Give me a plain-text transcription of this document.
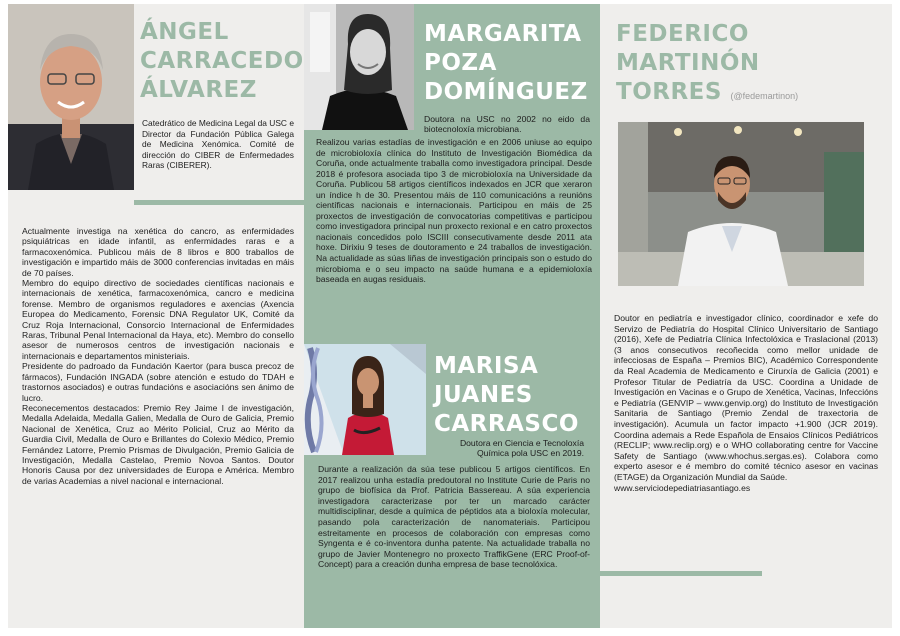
ÁNGEL
CARRACEDO
ÁLVAREZ
Catedrático de Medicina Legal da USC e Director da Fundación Pública Galega de Medicina Xenómica. Comité de dirección do CIBER de Enfermedades Raras (CIBERER).

Actualmente investiga na xenética do cancro, as enfermidades psiquiátricas en idade infantil, as enfermidades raras e a farmacoxenómica. Publicou máis de 8 libros e 800 traballos de investigación e impartido máis de 3000 conferencias invitadas en máis de 70 países.

Membro do equipo directivo de sociedades científicas nacionais e internacionais de xenética, farmacoxenómica, cancro e medicina forense. Membro de organismos reguladores e axencias (Axencia Europea do Medicamento, Forensic DNA Regulator UK, Comité da Cruz Roja Internacional, Consorcio Internacional de Enfermidades Raras, Tribunal Penal Internacional da Haya, etc). Membro do consello asesor de numerosos centros de investigación nacionais e internacionais e departamentos ministeriais.

Presidente do padroado da Fundación Kaertor (para busca precoz de fármacos), Fundación INGADA (sobre atención e estudo do TDAH e trastornos asociados) e outras fundacións e asociacións sen ánimo de lucro.

Reconecementos destacados: Premio Rey Jaime I de investigación, Medalla Adelaida, Medalla Galien, Medalla de Ouro de Galicia, Premio Nacional de Xenética, Cruz ao Mérito Policial, Cruz ao Mérito da Guardia Civil, Medalla de Ouro e Brillantes do Colexio Médico, Premio Fernández Latorre, Premio Prismas de Divulgación, Premio Galicia de Investigación, Medalla Castelao, Premio Novoa Santos. Doutor Honoris Causa por dez universidades de Europa e América. Membro de varias Academias a nivel nacional e internacional.

MARGARITA
POZA
DOMÍNGUEZ
Doutora na USC no 2002 no eido da biotecnoloxía microbiana.
Realizou varias estadías de investigación e en 2006 uniuse ao equipo de microbioloxía clínica do Instituto de Investigación Biomédica da Coruña, onde actualmente traballa como investigadora principal. Desde 2018 é profesora asociada tipo 3 de microbioloxía na Universidade da Coruña. Publicou 58 artigos científicos indexados en JCR que xeraron un índice h de 30. Presentou máis de 110 comunicacións a reunións científicas nacionais e internacionais. Participou en máis de 25 proxectos de investigación de convocatorias competitivas e participou como investigadora principal nun proxecto rexional e en catro proxectos nacionais concedidos polo ISCIII consecutivamente desde 2011 ata hoxe. Dirixiu 9 teses de doutoramento e 24 traballos de investigación. Na actualidade as súas liñas de investigación principais son o estudo do microbioma e o seu impacto na saúde humana e a epidemioloxía baseada en augas residuais.
MARISA
JUANES
CARRASCO
Doutora en Ciencia e Tecnoloxía Química pola USC en 2019.
Durante a realización da súa tese publicou 5 artigos científicos. En 2017 realizou unha estadía predoutoral no Institute Curie de Paris no grupo de biofísica da Prof. Patricia Bassereau. A súa experiencia investigadora caracterizase por ter un marcado carácter multidisciplinar, desde a química de péptidos ata a bioloxía molecular, pasando pola caracterización de nanomateriais. Participou estreitamente en procesos de colaboración con empresas como Syngenta e é co-inventora dunha patente. Na actualidade traballa no grupo de Javier Montenegro no proxecto TraffikGene (ERC Proof-of-Concept) para a creación dunha empresa de base tecnolóxica.
FEDERICO
MARTINÓN
TORRES (@fedemartinon)

Doutor en pediatría e investigador clínico, coordinador e xefe do Servizo de Pediatría do Hospital Clínico Universitario de Santiago (2016), Xefe de Pediatría Clínica Infectolóxica e Traslacional (2013) (3 anos consecutivos recoñecida como mellor unidade de infecciosas de España – Premios BIC), Académico Correspondente da Real Academia de Medicamento e Cirurxía de Galicia (2001) e Profesor Titular de Pediatría da USC. Coordina a Unidade de Investigación en Vacinas e o Grupo de Xenética, Vacinas, Infeccións e Pediatría (GENVIP – www.genvip.org) do Instituto de Investigación Sanitaria de Santiago (Premio Zendal de traxectoria de investigación). Acumula un factor impacto +1.900 (JCR 2019). Coordina ademais a Rede Española de Ensaios Clínicos Pediátricos (RECLIP; www.reclip.org) e o WHO collaborating centre for Vaccine Safety de Santiago (www.whochus.sergas.es). Colabora como experto asesor e é membro do comité técnico asesor en vacinas (ETAGE) da Organización Mundial da Saúde.

www.serviciodepediatriasantiago.es
